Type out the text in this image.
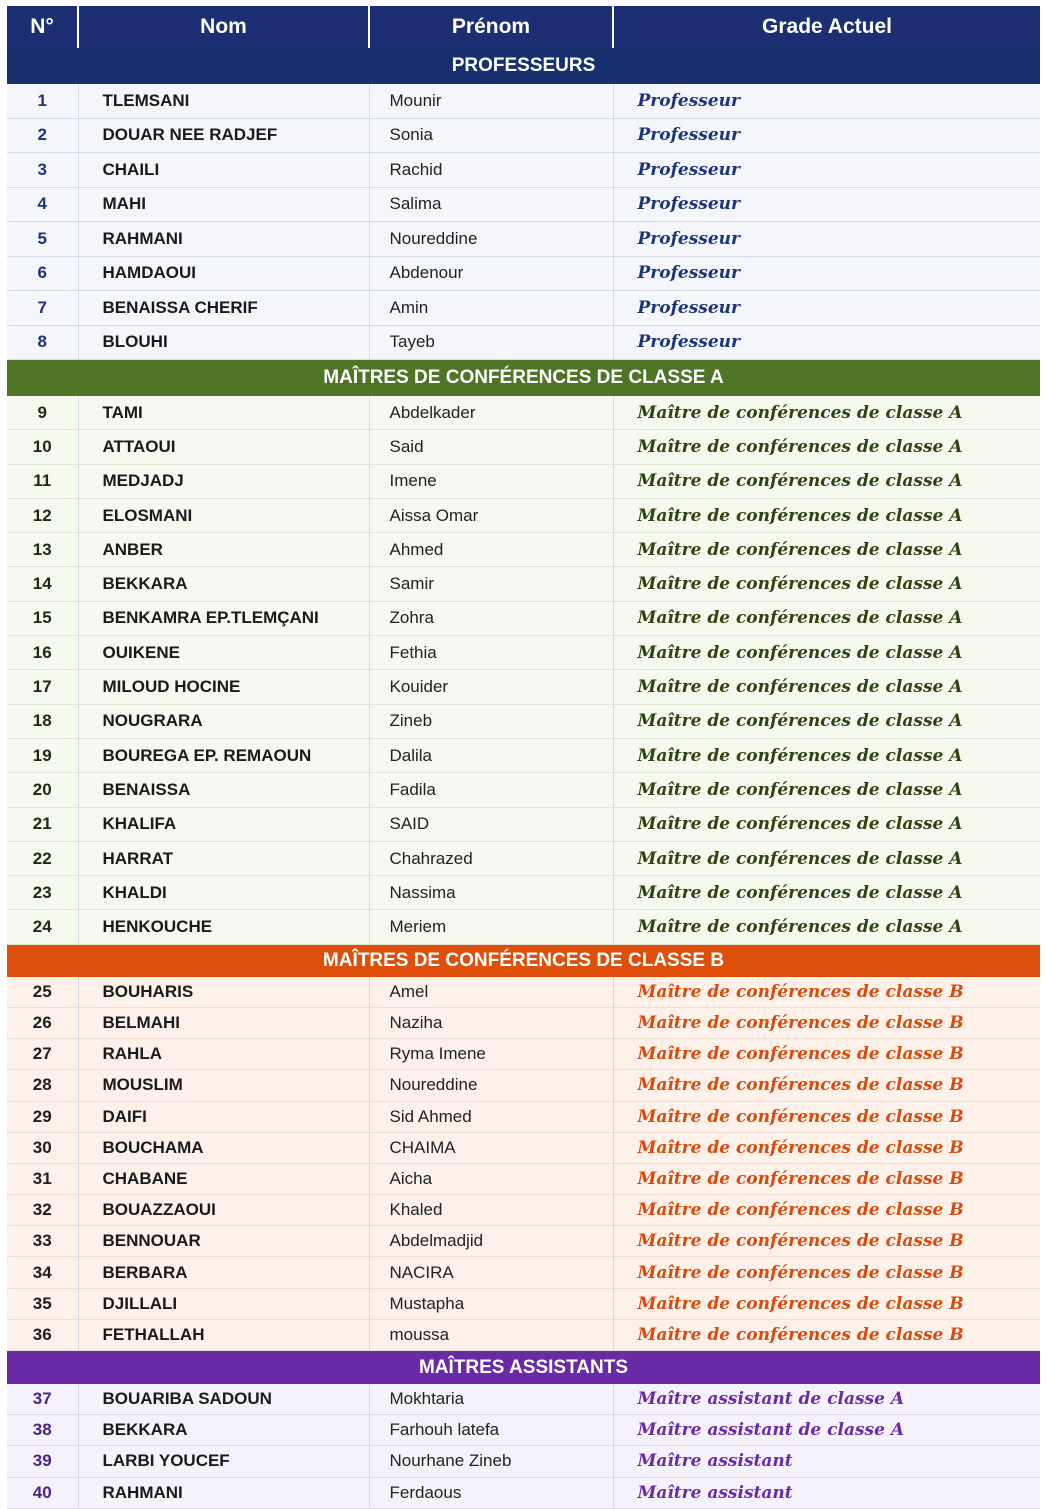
N°	Nom	Prénom	Grade Actuel
PROFESSEURS			
1	TLEMSANI	Mounir	Professeur
2	DOUAR NEE RADJEF	Sonia	Professeur
3	CHAILI	Rachid	Professeur
4	MAHI	Salima	Professeur
5	RAHMANI	Noureddine	Professeur
6	HAMDAOUI	Abdenour	Professeur
7	BENAISSA CHERIF	Amin	Professeur
8	BLOUHI	Tayeb	Professeur
MAÎTRES DE CONFÉRENCES DE CLASSE A			
9	TAMI	Abdelkader	Maître de conférences de classe A
10	ATTAOUI	Said	Maître de conférences de classe A
11	MEDJADJ	Imene	Maître de conférences de classe A
12	ELOSMANI	Aissa Omar	Maître de conférences de classe A
13	ANBER	Ahmed	Maître de conférences de classe A
14	BEKKARA	Samir	Maître de conférences de classe A
15	BENKAMRA EP.TLEMÇANI	Zohra	Maître de conférences de classe A
16	OUIKENE	Fethia	Maître de conférences de classe A
17	MILOUD HOCINE	Kouider	Maître de conférences de classe A
18	NOUGRARA	Zineb	Maître de conférences de classe A
19	BOUREGA EP. REMAOUN	Dalila	Maître de conférences de classe A
20	BENAISSA	Fadila	Maître de conférences de classe A
21	KHALIFA	SAID	Maître de conférences de classe A
22	HARRAT	Chahrazed	Maître de conférences de classe A
23	KHALDI	Nassima	Maître de conférences de classe A
24	HENKOUCHE	Meriem	Maître de conférences de classe A
MAÎTRES DE CONFÉRENCES DE CLASSE B			
25	BOUHARIS	Amel	Maître de conférences de classe B
26	BELMAHI	Naziha	Maître de conférences de classe B
27	RAHLA	Ryma Imene	Maître de conférences de classe B
28	MOUSLIM	Noureddine	Maître de conférences de classe B
29	DAIFI	Sid Ahmed	Maître de conférences de classe B
30	BOUCHAMA	CHAIMA	Maître de conférences de classe B
31	CHABANE	Aicha	Maître de conférences de classe B
32	BOUAZZAOUI	Khaled	Maître de conférences de classe B
33	BENNOUAR	Abdelmadjid	Maître de conférences de classe B
34	BERBARA	NACIRA	Maître de conférences de classe B
35	DJILLALI	Mustapha	Maître de conférences de classe B
36	FETHALLAH	moussa	Maître de conférences de classe B
MAÎTRES ASSISTANTS			
37	BOUARIBA SADOUN	Mokhtaria	Maître assistant de classe A
38	BEKKARA	Farhouh latefa	Maître assistant de classe A
39	LARBI YOUCEF	Nourhane Zineb	Maître assistant
40	RAHMANI	Ferdaous	Maître assistant
